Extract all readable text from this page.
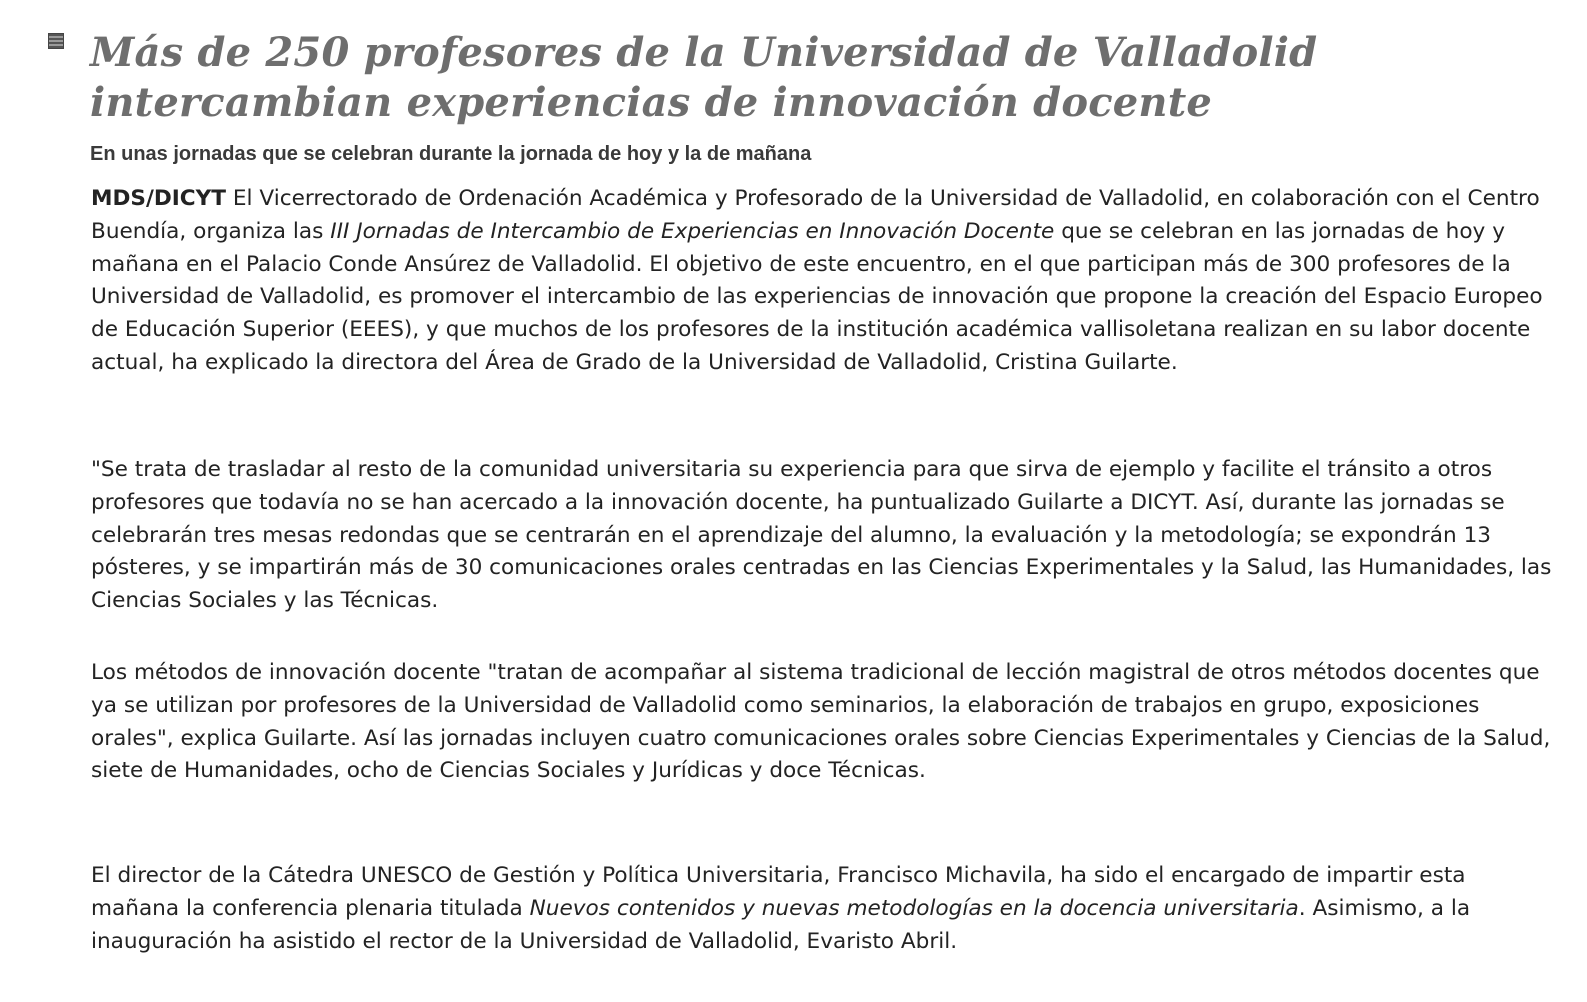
Más de 250 profesores de la Universidad de Valladolid intercambian experiencias de innovación docente
En unas jornadas que se celebran durante la jornada de hoy y la de mañana

MDS/DICYT El Vicerrectorado de Ordenación Académica y Profesorado de la Universidad de Valladolid, en colaboración con el Centro Buendía, organiza las III Jornadas de Intercambio de Experiencias en Innovación Docente que se celebran en las jornadas de hoy y mañana en el Palacio Conde Ansúrez de Valladolid. El objetivo de este encuentro, en el que participan más de 300 profesores de la Universidad de Valladolid, es promover el intercambio de las experiencias de innovación que propone la creación del Espacio Europeo de Educación Superior (EEES), y que muchos de los profesores de la institución académica vallisoletana realizan en su labor docente actual, ha explicado la directora del Área de Grado de la Universidad de Valladolid, Cristina Guilarte.

"Se trata de trasladar al resto de la comunidad universitaria su experiencia para que sirva de ejemplo y facilite el tránsito a otros profesores que todavía no se han acercado a la innovación docente, ha puntualizado Guilarte a DICYT. Así, durante las jornadas se celebrarán tres mesas redondas que se centrarán en el aprendizaje del alumno, la evaluación y la metodología; se expondrán 13 pósteres, y se impartirán más de 30 comunicaciones orales centradas en las Ciencias Experimentales y la Salud, las Humanidades, las Ciencias Sociales y las Técnicas.

Los métodos de innovación docente "tratan de acompañar al sistema tradicional de lección magistral de otros métodos docentes que ya se utilizan por profesores de la Universidad de Valladolid como seminarios, la elaboración de trabajos en grupo, exposiciones orales", explica Guilarte. Así las jornadas incluyen cuatro comunicaciones orales sobre Ciencias Experimentales y Ciencias de la Salud, siete de Humanidades, ocho de Ciencias Sociales y Jurídicas y doce Técnicas.

El director de la Cátedra UNESCO de Gestión y Política Universitaria, Francisco Michavila, ha sido el encargado de impartir esta mañana la conferencia plenaria titulada Nuevos contenidos y nuevas metodologías en la docencia universitaria. Asimismo, a la inauguración ha asistido el rector de la Universidad de Valladolid, Evaristo Abril.
